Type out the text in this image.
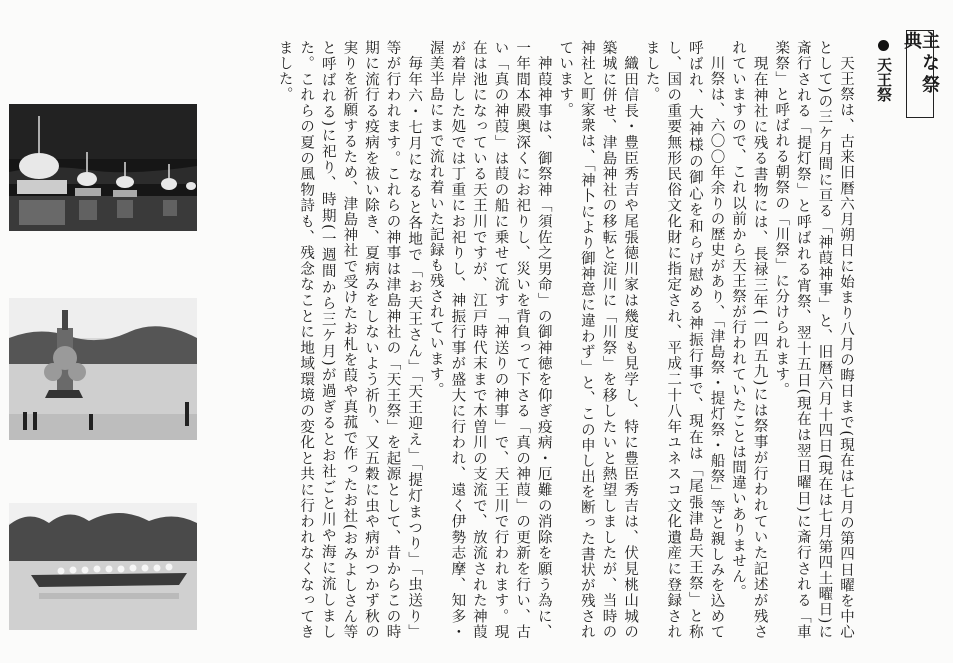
主な祭典
天王祭

　天王祭は、古来旧暦六月朔日に始まり八月の晦日まで(現在は七月の第四日曜を中心として)の三ケ月間に亘る「神葭神事」と、旧暦六月十四日(現在は七月第四土曜日)に斎行される「提灯祭」と呼ばれる宵祭、翌十五日(現在は翌日曜日)に斎行される「車楽祭」と呼ばれる朝祭の「川祭」に分けられます。

　現在神社に残る書物には、長禄三年(一四五九)には祭事が行われていた記述が残されていますので、これ以前から天王祭が行われていたことは間違いありません。

　川祭は、六〇〇年余りの歴史があり、「津島祭・提灯祭・船祭」等と親しみを込めて呼ばれ、大神様の御心を和らげ慰める神振行事で、現在は「尾張津島天王祭」と称し、国の重要無形民俗文化財に指定され、平成二十八年ユネスコ文化遺産に登録されました。

　織田信長・豊臣秀吉や尾張徳川家は幾度も見学し、特に豊臣秀吉は、伏見桃山城の築城に併せ、津島神社の移転と淀川に「川祭」を移したいと熱望しましたが、当時の神社と町家衆は、「神卜により御神意に違わず」と、この申し出を断った書状が残されています。

　神葭神事は、御祭神「須佐之男命」の御神徳を仰ぎ疫病・厄難の消除を願う為に、一年間本殿奥深くにお祀りし、災いを背負って下さる「真の神葭」の更新を行い、古い「真の神葭」は葭の船に乗せて流す「神送りの神事」で、天王川で行われます。現在は池になっている天王川ですが、江戸時代末まで木曽川の支流で、放流された神葭が着岸した処では丁重にお祀りし、神振行事が盛大に行われ、遠く伊勢志摩、知多・渥美半島にまで流れ着いた記録も残されています。

　毎年六・七月になると各地で「お天王さん」「天王迎え」「提灯まつり」「虫送り」等が行われます。これらの神事は津島神社の「天王祭」を起源として、昔からこの時期に流行る疫病を祓い除き、夏病みをしないよう祈り、又五穀に虫や病がつかず秋の実りを祈願するため、津島神社で受けたお札を葭や真菰で作ったお社(おみよしさん等と呼ばれる)に祀り、時期(一週間から三ケ月)が過ぎるとお社ごと川や海に流しました。これらの夏の風物詩も、残念なことに地域環境の変化と共に行われなくなってきました。
